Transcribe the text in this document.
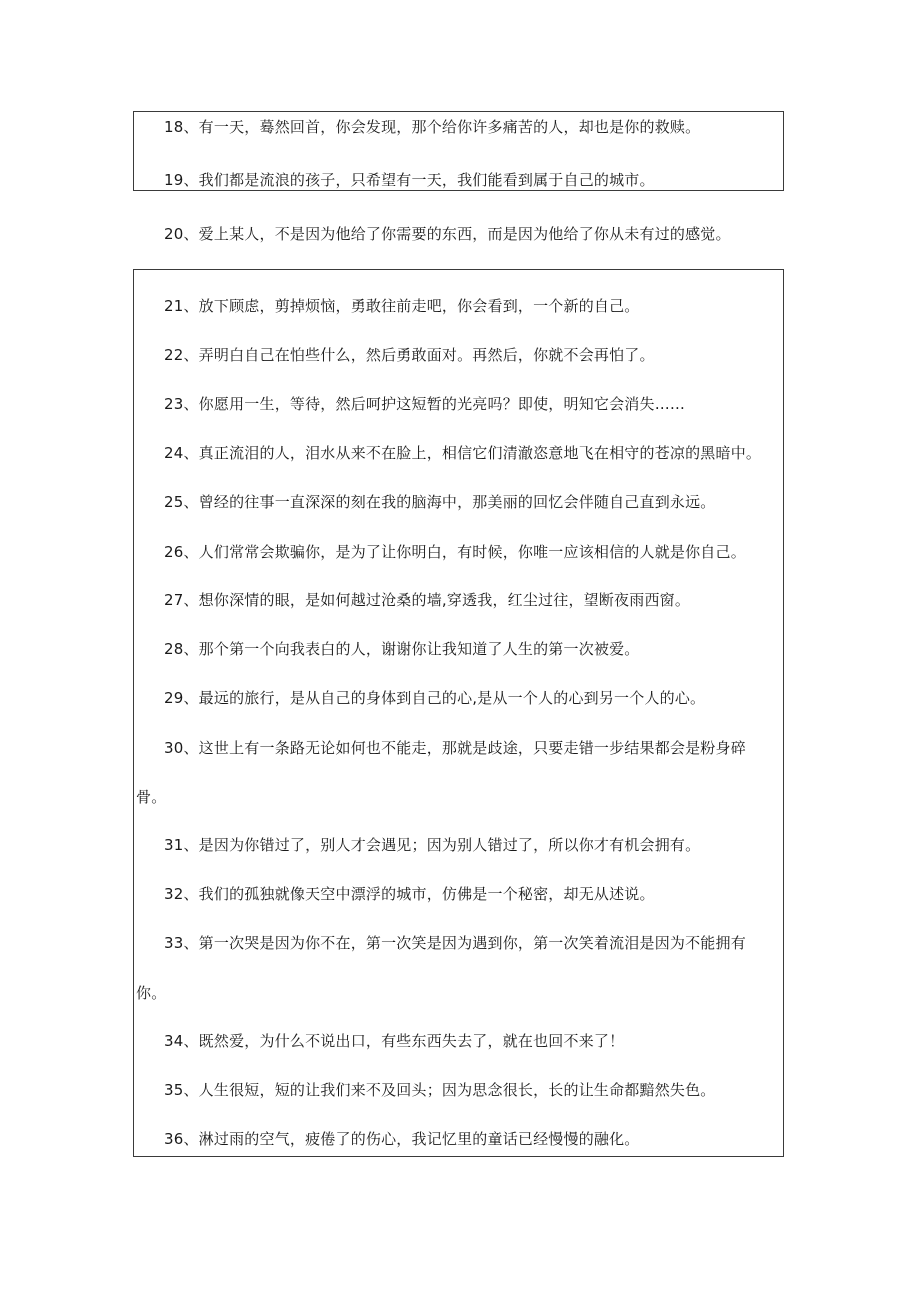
18、有一天，蓦然回首，你会发现，那个给你许多痛苦的人，却也是你的救赎。
19、我们都是流浪的孩子，只希望有一天，我们能看到属于自己的城市。
20、爱上某人，不是因为他给了你需要的东西，而是因为他给了你从未有过的感觉。
21、放下顾虑，剪掉烦恼，勇敢往前走吧，你会看到，一个新的自己。
22、弄明白自己在怕些什么，然后勇敢面对。再然后，你就不会再怕了。
23、你愿用一生，等待，然后呵护这短暂的光亮吗？即使，明知它会消失……
24、真正流泪的人，泪水从来不在脸上，相信它们清澈恣意地飞在相守的苍凉的黑暗中。
25、曾经的往事一直深深的刻在我的脑海中，那美丽的回忆会伴随自己直到永远。
26、人们常常会欺骗你，是为了让你明白，有时候，你唯一应该相信的人就是你自己。
27、想你深情的眼，是如何越过沧桑的墙,穿透我，红尘过往，望断夜雨西窗。
28、那个第一个向我表白的人，谢谢你让我知道了人生的第一次被爱。
29、最远的旅行，是从自己的身体到自己的心,是从一个人的心到另一个人的心。
30、这世上有一条路无论如何也不能走，那就是歧途，只要走错一步结果都会是粉身碎
骨。
31、是因为你错过了，别人才会遇见；因为别人错过了，所以你才有机会拥有。
32、我们的孤独就像天空中漂浮的城市，仿佛是一个秘密，却无从述说。
33、第一次哭是因为你不在，第一次笑是因为遇到你，第一次笑着流泪是因为不能拥有
你。
34、既然爱，为什么不说出口，有些东西失去了，就在也回不来了！
35、人生很短，短的让我们来不及回头；因为思念很长，长的让生命都黯然失色。
36、淋过雨的空气，疲倦了的伤心，我记忆里的童话已经慢慢的融化。
